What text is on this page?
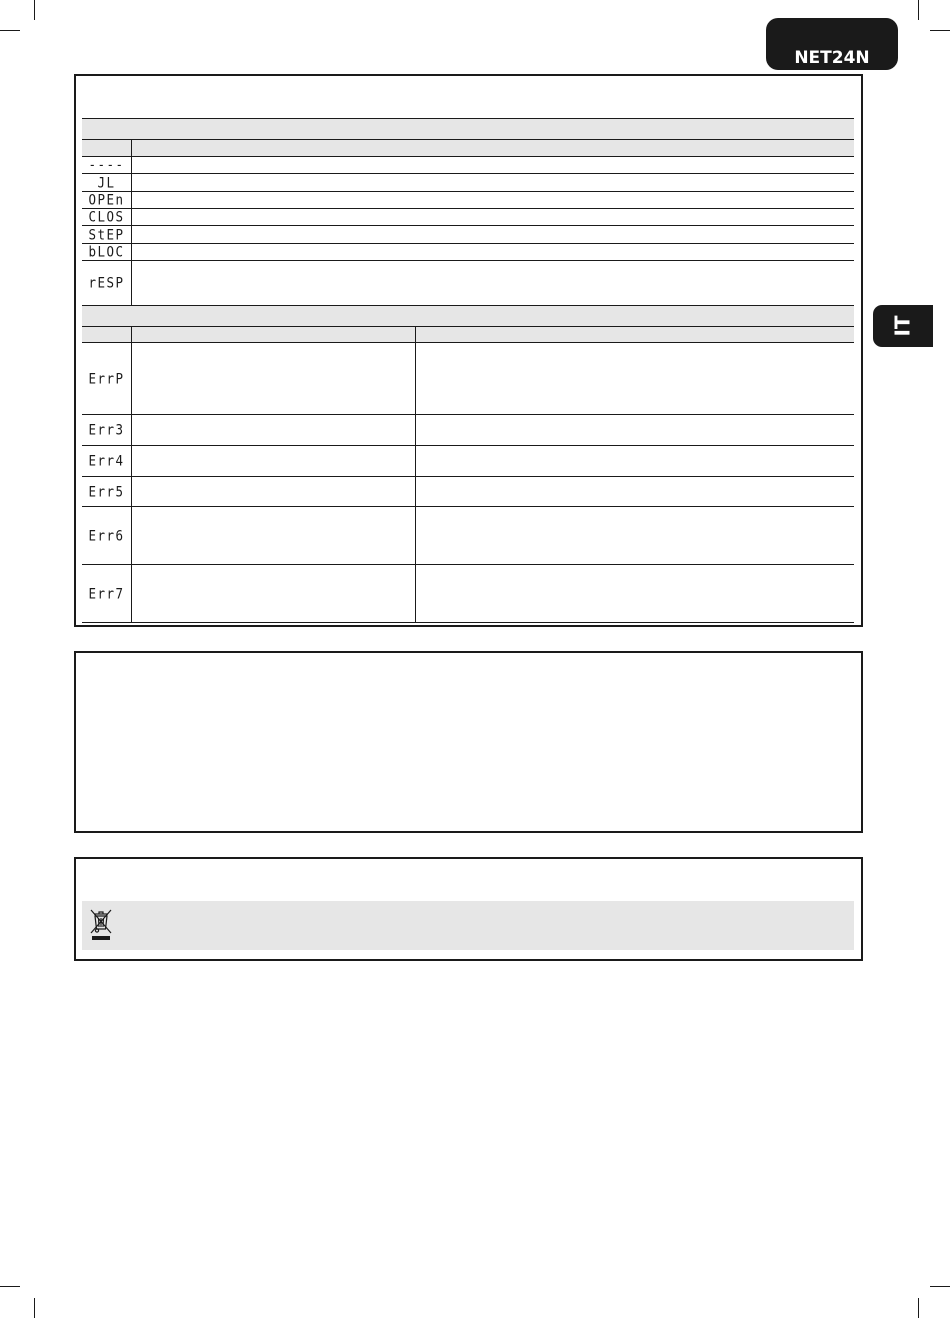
NET24N
IT
----
JL
OPEn
CLOS
StEP
bLOC
rESP
ErrP
Err3
Err4
Err5
Err6
Err7
